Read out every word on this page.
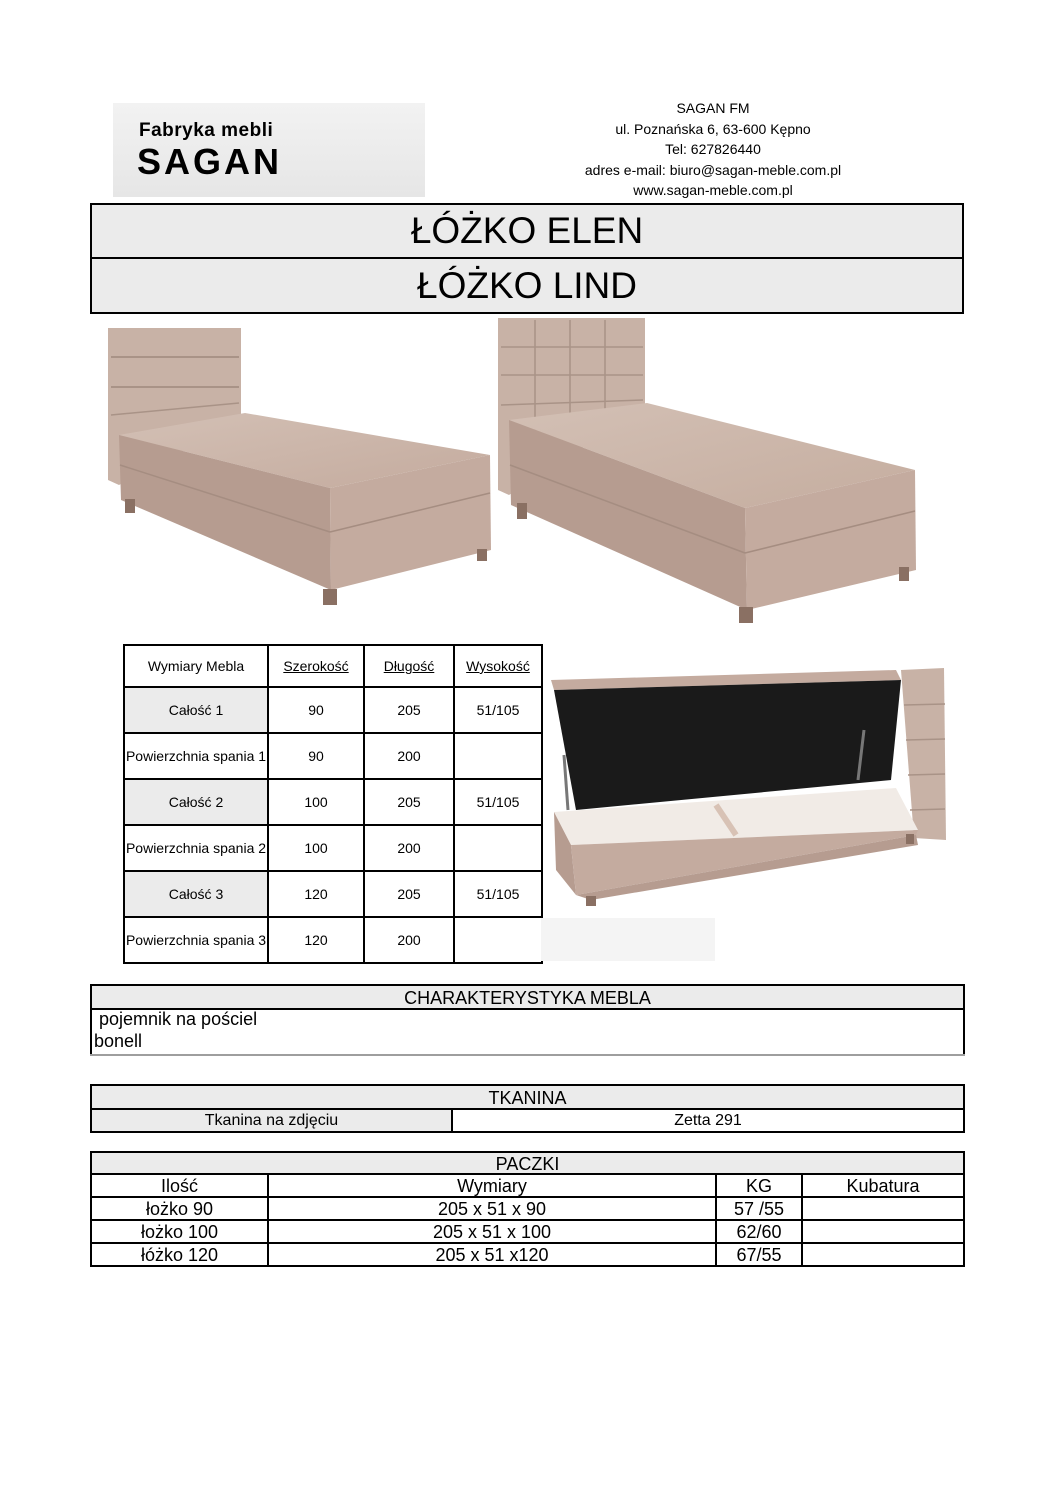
Fabryka mebli
SAGAN
SAGAN FM
ul. Poznańska 6, 63-600 Kępno
Tel: 627826440
adres e-mail: biuro@sagan-meble.com.pl
www.sagan-meble.com.pl
ŁÓŻKO ELEN
ŁÓŻKO LIND
Wymiary Mebla	Szerokość	Długość	Wysokość
Całość 1	90	205	51/105
Powierzchnia spania 1	90	200	
Całość 2	100	205	51/105
Powierzchnia spania 2	100	200	
Całość 3	120	205	51/105
Powierzchnia spania 3	120	200	
CHARAKTERYSTYKA MEBLA
pojemnik na pościel
bonell
TKANINA
Tkanina na zdjęciu	Zetta 291
PACZKI
Ilość	Wymiary	KG	Kubatura
łożko 90	205 x 51 x 90	57 /55	
łożko 100	205 x 51 x 100	62/60	
łóżko 120	205 x 51 x120	67/55	
